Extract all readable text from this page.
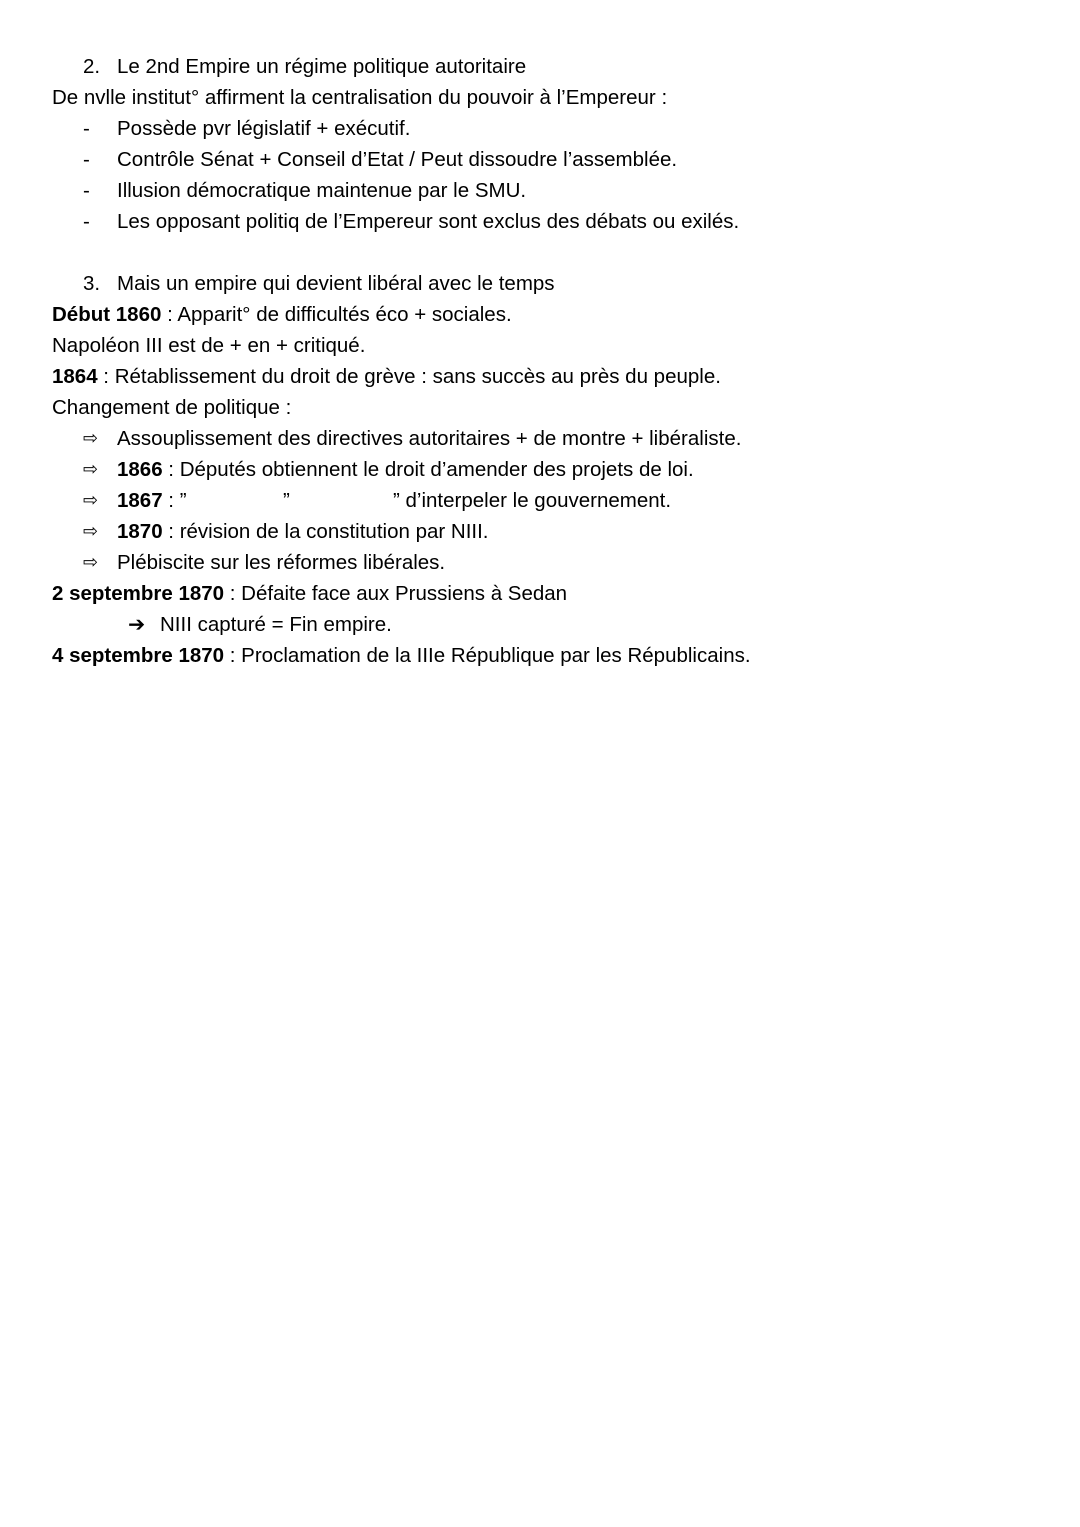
2. Le 2nd Empire un régime politique autoritaire
De nvlle institut° affirment la centralisation du pouvoir à l’Empereur :
- Possède pvr législatif + exécutif.
- Contrôle Sénat + Conseil d’Etat / Peut dissoudre l’assemblée.
- Illusion démocratique maintenue par le SMU.
- Les opposant politiq de l’Empereur sont exclus des débats ou exilés.
3. Mais un empire qui devient libéral avec le temps
Début 1860 : Apparit° de difficultés éco + sociales.
Napoléon III est de + en + critiqué.
1864 : Rétablissement du droit de grève : sans succès au près du peuple.
Changement de politique :
⇨ Assouplissement des directives autoritaires + de montre + libéraliste.
⇨ 1866 : Députés obtiennent le droit d’amender des projets de loi.
⇨ 1867 : ”	”	” d’interpeler le gouvernement.
⇨ 1870 : révision de la constitution par NIII.
⇨ Plébiscite sur les réformes libérales.
2 septembre 1870 : Défaite face aux Prussiens à Sedan
➔ NIII capturé = Fin empire.
4 septembre 1870 : Proclamation de la IIIe République par les Républicains.
